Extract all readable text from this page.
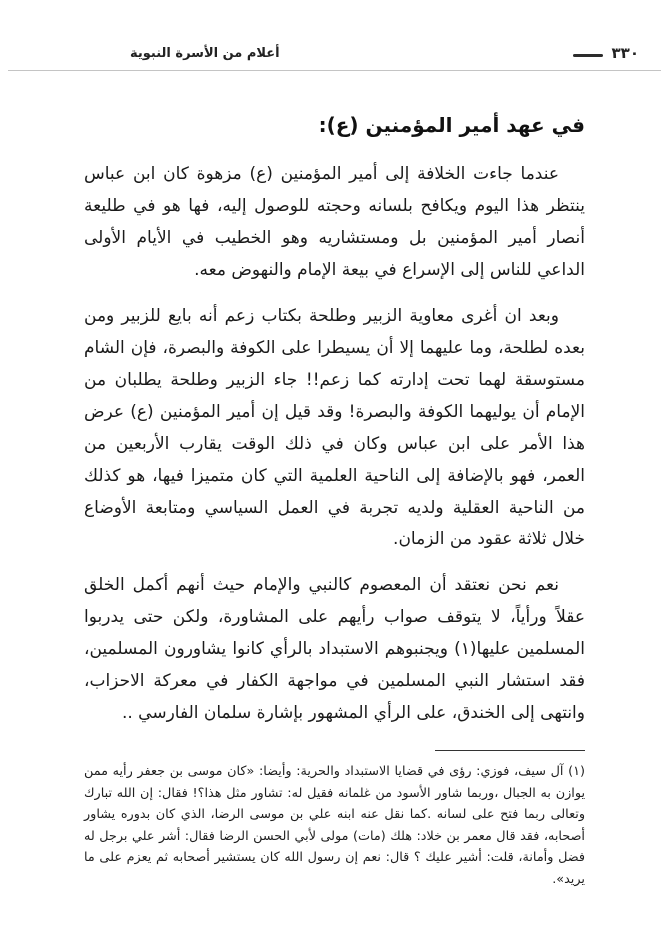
٣٣٠
أعلام من الأسرة النبوية
في عهد أمير المؤمنين (ع):

عندما جاءت الخلافة إلى أمير المؤمنين (ع) مزهوة كان ابن عباس ينتظر هذا اليوم ويكافح بلسانه وحجته للوصول إليه، فها هو في طليعة أنصار أمير المؤمنين بل ومستشاريه وهو الخطيب في الأيام الأولى الداعي للناس إلى الإسراع في بيعة الإمام والنهوض معه.

وبعد ان أغرى معاوية الزبير وطلحة بكتاب زعم أنه بايع للزبير ومن بعده لطلحة، وما عليهما إلا أن يسيطرا على الكوفة والبصرة، فإن الشام مستوسقة لهما تحت إدارته كما زعم!! جاء الزبير وطلحة يطلبان من الإمام أن يوليهما الكوفة والبصرة! وقد قيل إن أمير المؤمنين (ع) عرض هذا الأمر على ابن عباس وكان في ذلك الوقت يقارب الأربعين من العمر، فهو بالإضافة إلى الناحية العلمية التي كان متميزا فيها، هو كذلك من الناحية العقلية ولديه تجربة في العمل السياسي ومتابعة الأوضاع خلال ثلاثة عقود من الزمان.

نعم نحن نعتقد أن المعصوم كالنبي والإمام حيث أنهم أكمل الخلق عقلاً ورأياً، لا يتوقف صواب رأيهم على المشاورة، ولكن حتى يدربوا المسلمين عليها(١) ويجنبوهم الاستبداد بالرأي كانوا يشاورون المسلمين، فقد استشار النبي المسلمين في مواجهة الكفار في معركة الاحزاب، وانتهى إلى الخندق، على الرأي المشهور بإشارة سلمان الفارسي ..

(١) آل سيف، فوزي: رؤى في قضايا الاستبداد والحرية: وأيضا: «كان موسى بن جعفر رأيه ممن يوازن به الجبال ،وربما شاور الأسود من غلمانه فقيل له: تشاور مثل هذا؟! فقال: إن الله تبارك وتعالى ربما فتح على لسانه .كما نقل عنه ابنه علي بن موسى الرضا، الذي كان بدوره يشاور أصحابه، فقد قال معمر بن خلاد: هلك (مات) مولى لأبي الحسن الرضا فقال: أشر علي برجل له فضل وأمانة، قلت: أشير عليك ؟ قال: نعم إن رسول الله كان يستشير أصحابه ثم يعزم على ما يريد».
